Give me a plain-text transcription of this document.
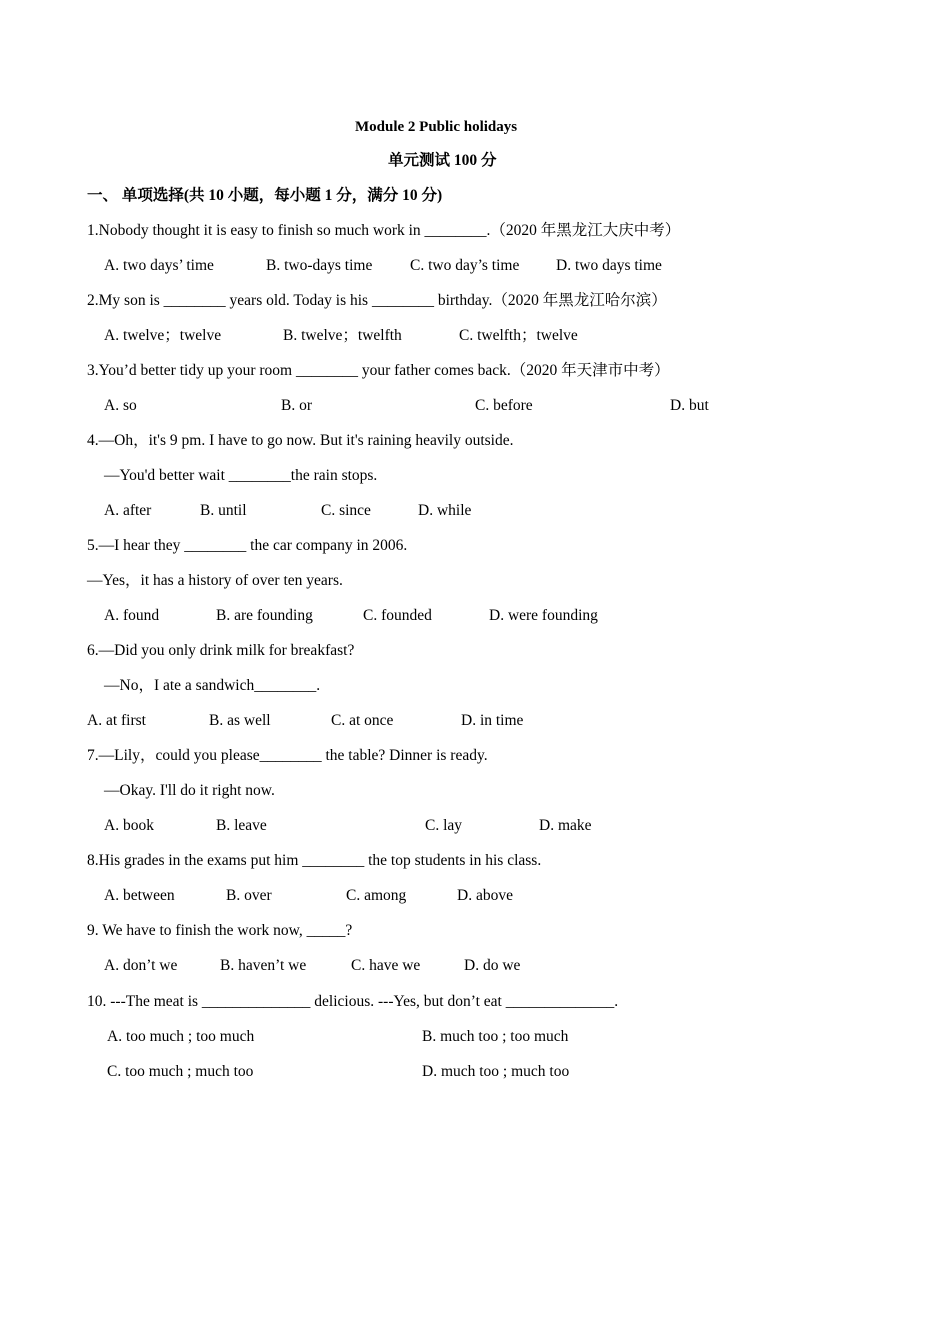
Module 2 Public holidays
单元测试 100 分
一、 单项选择(共 10 小题，每小题 1 分，满分 10 分)
1.Nobody thought it is easy to finish so much work in ________.（2020 年黑龙江大庆中考）
A. two days’ time	B. two-days time C. two day’s time D. two days time
2.My son is ________ years old. Today is his ________ birthday.（2020 年黑龙江哈尔滨）
A. twelve；twelve	B. twelve；twelfth	C. twelfth；twelve
3.You’d better tidy up your room ________ your father comes back.（2020 年天津市中考）
A. so	B. or	C. before	D. but
4.—Oh，it's 9 pm. I have to go now. But it's raining heavily outside.
—You'd better wait ________the rain stops.
A. after	B. until	C. since	D. while
5.—I hear they ________ the car company in 2006.
—Yes，it has a history of over ten years.
A. found	B. are founding	C. founded	D. were founding
6.—Did you only drink milk for breakfast?
—No，I ate a sandwich________.
A. at first	B. as well	C. at once	D. in time
7.—Lily，could you please________ the table? Dinner is ready.
—Okay. I'll do it right now.
A. book	B. leave	C. lay	D. make
8.His grades in the exams put him ________ the top students in his class.
A. between	B. over	C. among	D. above
9. We have to finish the work now, _____?
A. don’t we	B. haven’t we	C. have we	D. do we
10. ---The meat is ______________ delicious. ---Yes, but don’t eat ______________.
A. too much ; too much	B. much too ; too much
C. too much ; much too	D. much too ; much too
